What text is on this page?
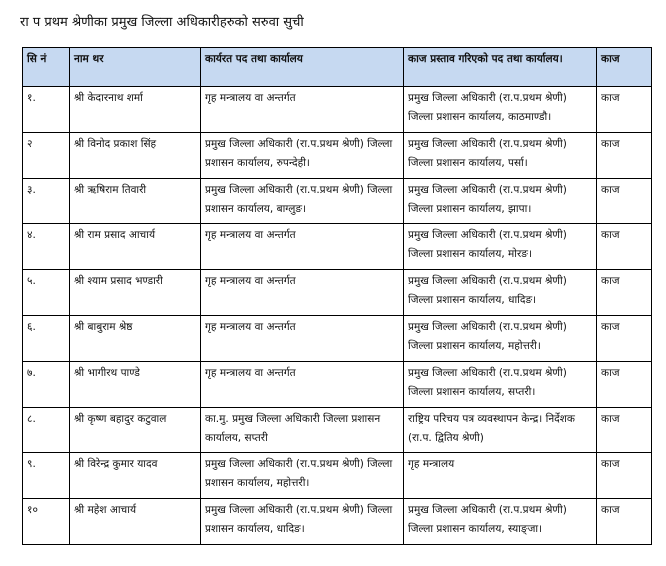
रा प प्रथम श्रेणीका प्रमुख जिल्ला अधिकारीहरुको सरुवा सुची
सि नं	नाम थर	कार्यरत पद तथा कार्यालय	काज प्रस्ताव गरिएको पद तथा कार्यालय।	काज
१.	श्री केदारनाथ शर्मा	गृह मन्त्रालय वा अन्तर्गत	प्रमुख जिल्ला अधिकारी (रा.प.प्रथम श्रेणी) जिल्ला प्रशासन कार्यालय, काठमाण्डौ।	काज
२	श्री विनोद प्रकाश सिंह	प्रमुख जिल्ला अधिकारी (रा.प.प्रथम श्रेणी) जिल्ला प्रशासन कार्यालय, रुपन्देही।	प्रमुख जिल्ला अधिकारी (रा.प.प्रथम श्रेणी) जिल्ला प्रशासन कार्यालय, पर्सा।	काज
३.	श्री ऋषिराम तिवारी	प्रमुख जिल्ला अधिकारी (रा.प.प्रथम श्रेणी) जिल्ला प्रशासन कार्यालय, बाग्लुङ।	प्रमुख जिल्ला अधिकारी (रा.प.प्रथम श्रेणी) जिल्ला प्रशासन कार्यालय, झापा।	काज
४.	श्री राम प्रसाद आचार्य	गृह मन्त्रालय वा अन्तर्गत	प्रमुख जिल्ला अधिकारी (रा.प.प्रथम श्रेणी) जिल्ला प्रशासन कार्यालय, मोरङ।	काज
५.	श्री श्याम प्रसाद भण्डारी	गृह मन्त्रालय वा अन्तर्गत	प्रमुख जिल्ला अधिकारी (रा.प.प्रथम श्रेणी) जिल्ला प्रशासन कार्यालय, धादिङ।	काज
६.	श्री बाबुराम श्रेष्ठ	गृह मन्त्रालय वा अन्तर्गत	प्रमुख जिल्ला अधिकारी (रा.प.प्रथम श्रेणी) जिल्ला प्रशासन कार्यालय, महोत्तरी।	काज
७.	श्री भागीरथ पाण्डे	गृह मन्त्रालय वा अन्तर्गत	प्रमुख जिल्ला अधिकारी (रा.प.प्रथम श्रेणी) जिल्ला प्रशासन कार्यालय, सप्तरी।	काज
८.	श्री कृष्ण बहादुर कटुवाल	का.मु. प्रमुख जिल्ला अधिकारी जिल्ला प्रशासन कार्यालय, सप्तरी	राष्ट्रिय परिचय पत्र व्यवस्थापन केन्द्र। निर्देशक (रा.प. द्वितिय श्रेणी)	काज
९.	श्री विरेन्द्र कुमार यादव	प्रमुख जिल्ला अधिकारी (रा.प.प्रथम श्रेणी) जिल्ला प्रशासन कार्यालय, महोत्तरी।	गृह मन्त्रालय	काज
१०	श्री महेश आचार्य	प्रमुख जिल्ला अधिकारी (रा.प.प्रथम श्रेणी) जिल्ला प्रशासन कार्यालय, धादिङ।	प्रमुख जिल्ला अधिकारी (रा.प.प्रथम श्रेणी) जिल्ला प्रशासन कार्यालय, स्याङ्जा।	काज
